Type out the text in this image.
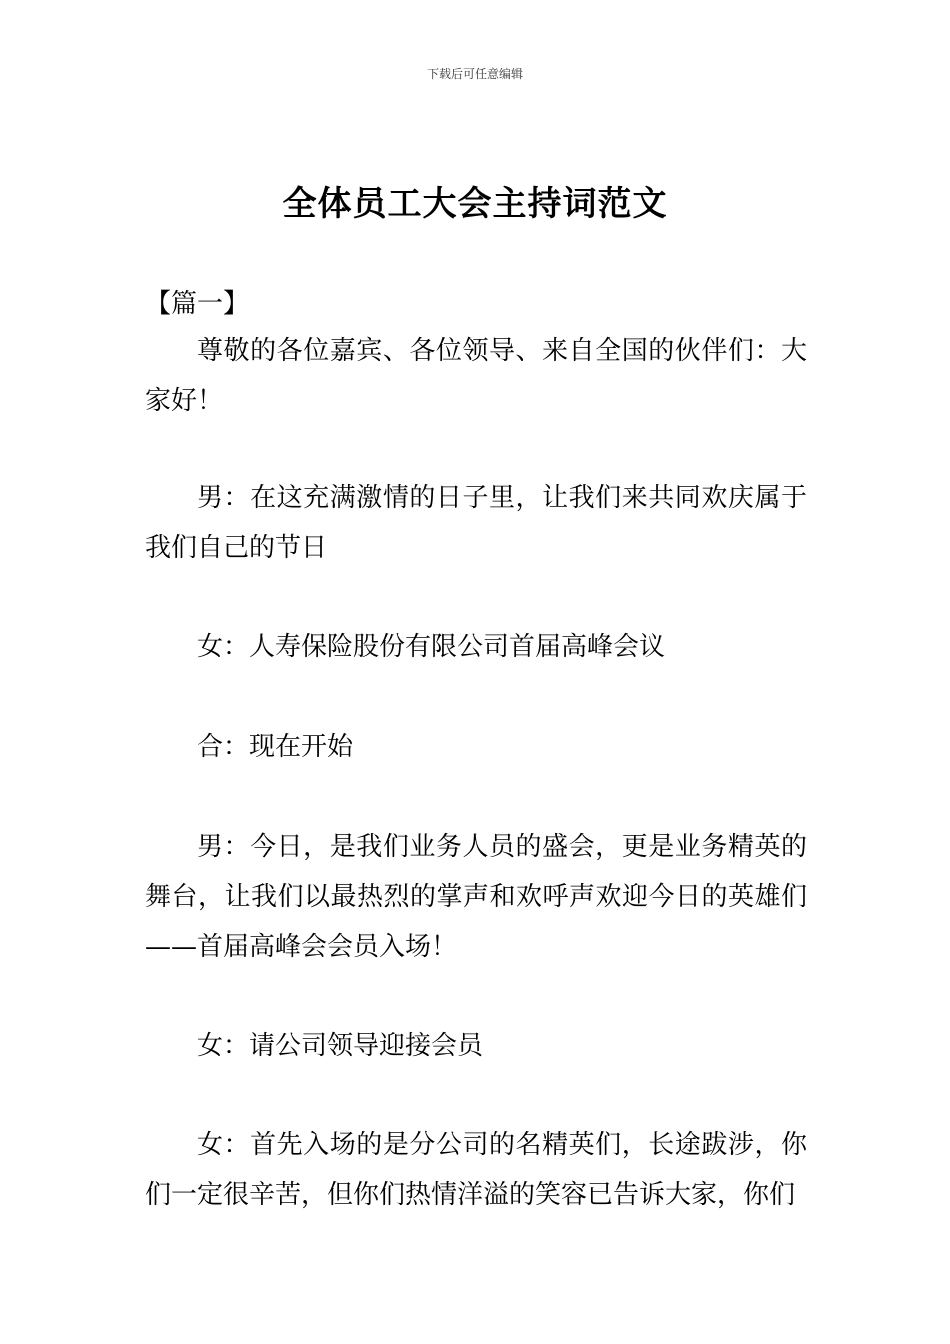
下载后可任意编辑
全体员工大会主持词范文
【篇一】

尊敬的各位嘉宾、各位领导、来自全国的伙伴们：大家好！

男：在这充满激情的日子里，让我们来共同欢庆属于我们自己的节日

女：人寿保险股份有限公司首届高峰会议

合：现在开始

男：今日，是我们业务人员的盛会，更是业务精英的舞台，让我们以最热烈的掌声和欢呼声欢迎今日的英雄们——首届高峰会会员入场！

女：请公司领导迎接会员

女：首先入场的是分公司的名精英们，长途跋涉，你们一定很辛苦，但你们热情洋溢的笑容已告诉大家，你们
